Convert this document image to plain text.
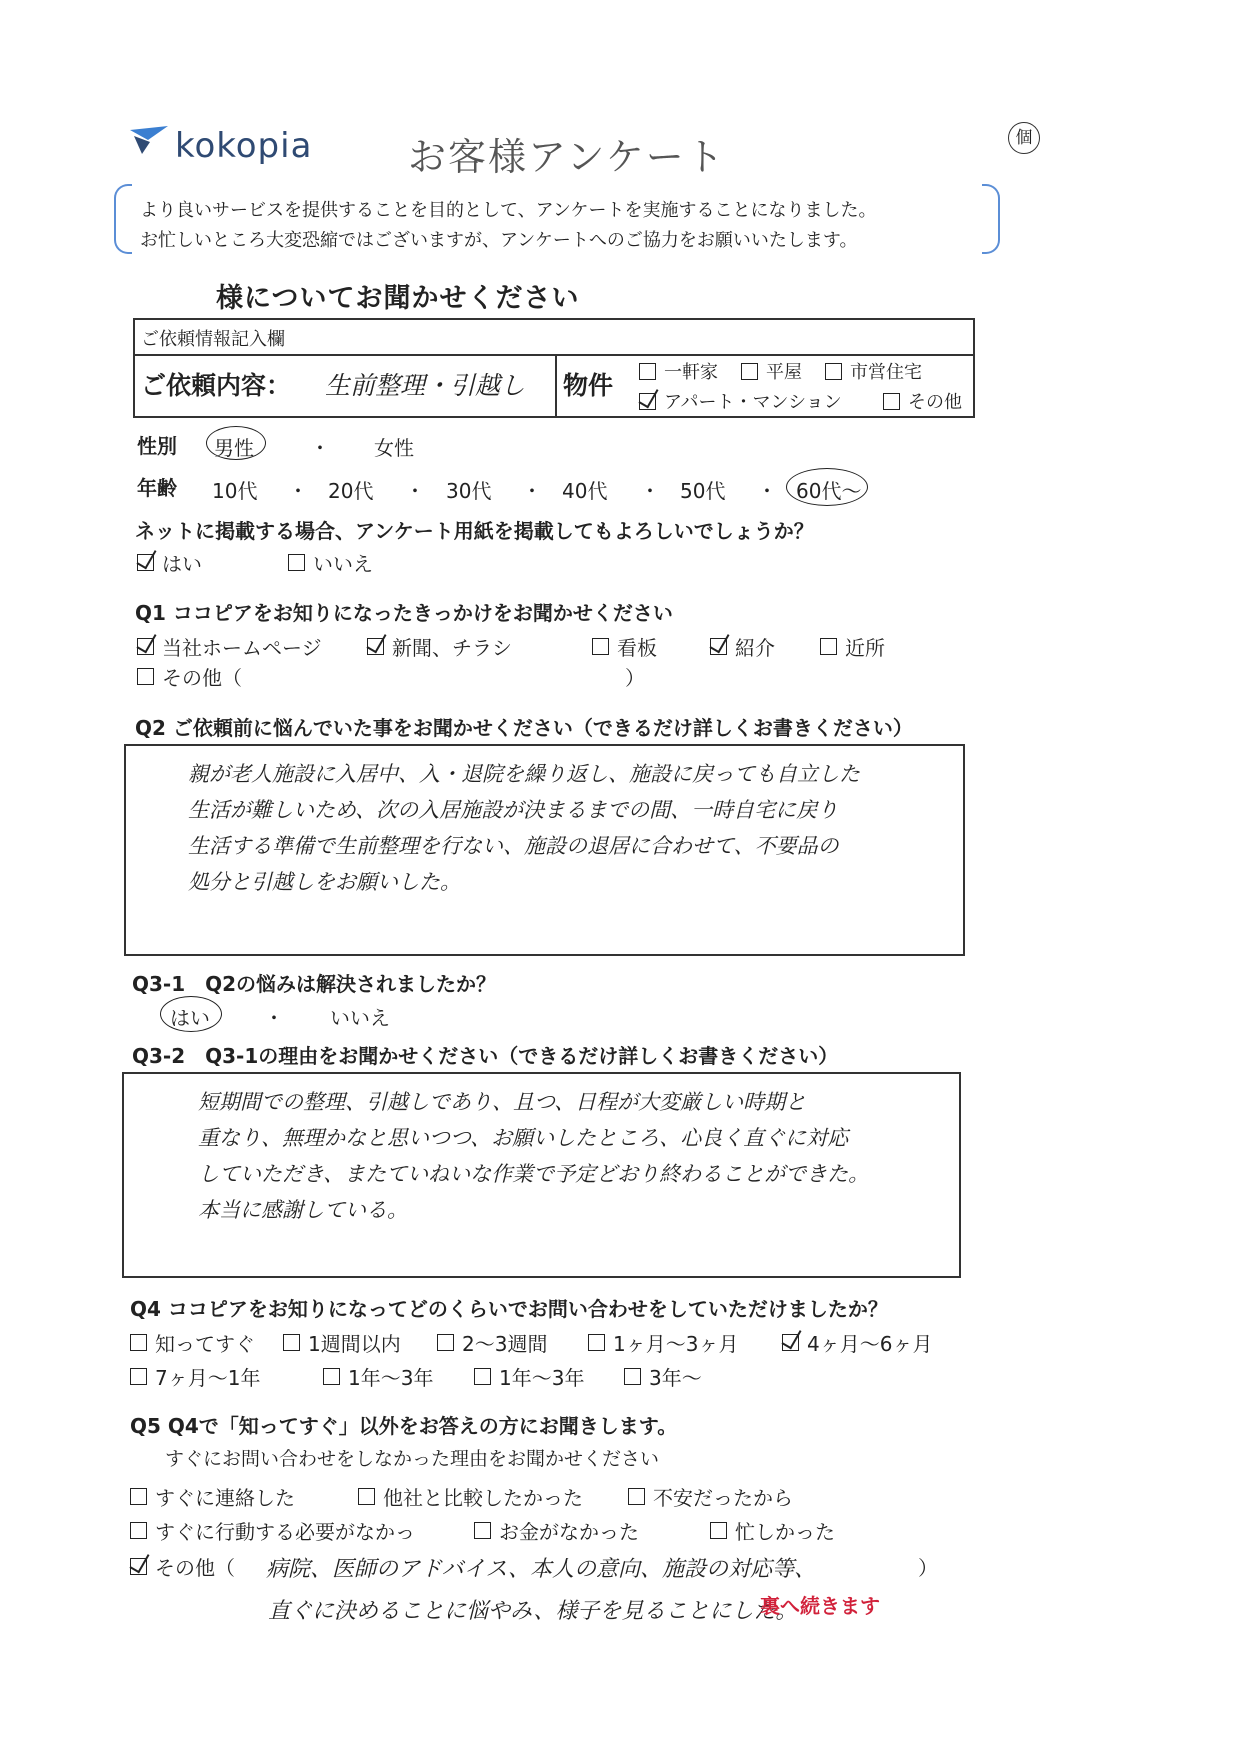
kokopia	お客様アンケート	個
より良いサービスを提供することを目的として、アンケートを実施することになりました。
お忙しいところ大変恐縮ではございますが、アンケートへのご協力をお願いいたします。
様についてお聞かせください
ご依頼情報記入欄
ご依頼内容： 生前整理・引越し 物件	一軒家	平屋	市営住宅
アパート・マンション	その他
性別 男性	・ 女性
年齢 10代 ・ 20代 ・ 30代 ・ 40代 ・ 50代 ・ 60代〜
ネットに掲載する場合、アンケート用紙を掲載してもよろしいでしょうか？
はい	いいえ
Q1 ココピアをお知りになったきっかけをお聞かせください
当社ホームページ	新聞、チラシ	看板	紹介	近所
その他（	）
Q2 ご依頼前に悩んでいた事をお聞かせください（できるだけ詳しくお書きください）
親が老人施設に入居中、入・退院を繰り返し、施設に戻っても自立した
生活が難しいため、次の入居施設が決まるまでの間、一時自宅に戻り
生活する準備で生前整理を行ない、施設の退居に合わせて、不要品の
処分と引越しをお願いした。
Q3-1　Q2の悩みは解決されましたか？
はい	・ いいえ
Q3-2　Q3-1の理由をお聞かせください（できるだけ詳しくお書きください）
短期間での整理、引越しであり、且つ、日程が大変厳しい時期と
重なり、無理かなと思いつつ、お願いしたところ、心良く直ぐに対応
していただき、またていねいな作業で予定どおり終わることができた。
本当に感謝している。
Q4 ココピアをお知りになってどのくらいでお問い合わせをしていただけましたか？
知ってすぐ	1週間以内	2〜3週間	1ヶ月〜3ヶ月	4ヶ月〜6ヶ月
7ヶ月〜1年	1年〜3年	1年〜3年	3年〜
Q5 Q4で「知ってすぐ」以外をお答えの方にお聞きします。
すぐにお問い合わせをしなかった理由をお聞かせください
すぐに連絡した	他社と比較したかった	不安だったから
すぐに行動する必要がなかっ	お金がなかった	忙しかった
その他（ 病院、医師のアドバイス、本人の意向、施設の対応等、	）
直ぐに決めることに悩やみ、様子を見ることにした。
裏へ続きます
